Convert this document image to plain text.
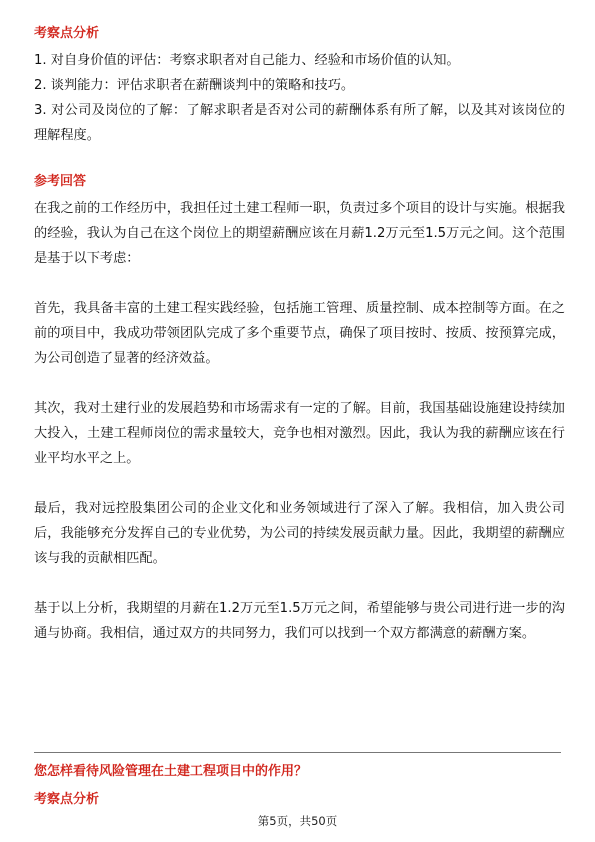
考察点分析

1. 对自身价值的评估：考察求职者对自己能力、经验和市场价值的认知。

2. 谈判能力：评估求职者在薪酬谈判中的策略和技巧。

3. 对公司及岗位的了解：了解求职者是否对公司的薪酬体系有所了解，以及其对该岗位的理解程度。

参考回答

在我之前的工作经历中，我担任过土建工程师一职，负责过多个项目的设计与实施。根据我的经验，我认为自己在这个岗位上的期望薪酬应该在月薪1.2万元至1.5万元之间。这个范围是基于以下考虑：

首先，我具备丰富的土建工程实践经验，包括施工管理、质量控制、成本控制等方面。在之前的项目中，我成功带领团队完成了多个重要节点，确保了项目按时、按质、按预算完成，为公司创造了显著的经济效益。

其次，我对土建行业的发展趋势和市场需求有一定的了解。目前，我国基础设施建设持续加大投入，土建工程师岗位的需求量较大，竞争也相对激烈。因此，我认为我的薪酬应该在行业平均水平之上。

最后，我对远控股集团公司的企业文化和业务领域进行了深入了解。我相信，加入贵公司后，我能够充分发挥自己的专业优势，为公司的持续发展贡献力量。因此，我期望的薪酬应该与我的贡献相匹配。

基于以上分析，我期望的月薪在1.2万元至1.5万元之间，希望能够与贵公司进行进一步的沟通与协商。我相信，通过双方的共同努力，我们可以找到一个双方都满意的薪酬方案。

您怎样看待风险管理在土建工程项目中的作用？
考察点分析
第5页，共50页
